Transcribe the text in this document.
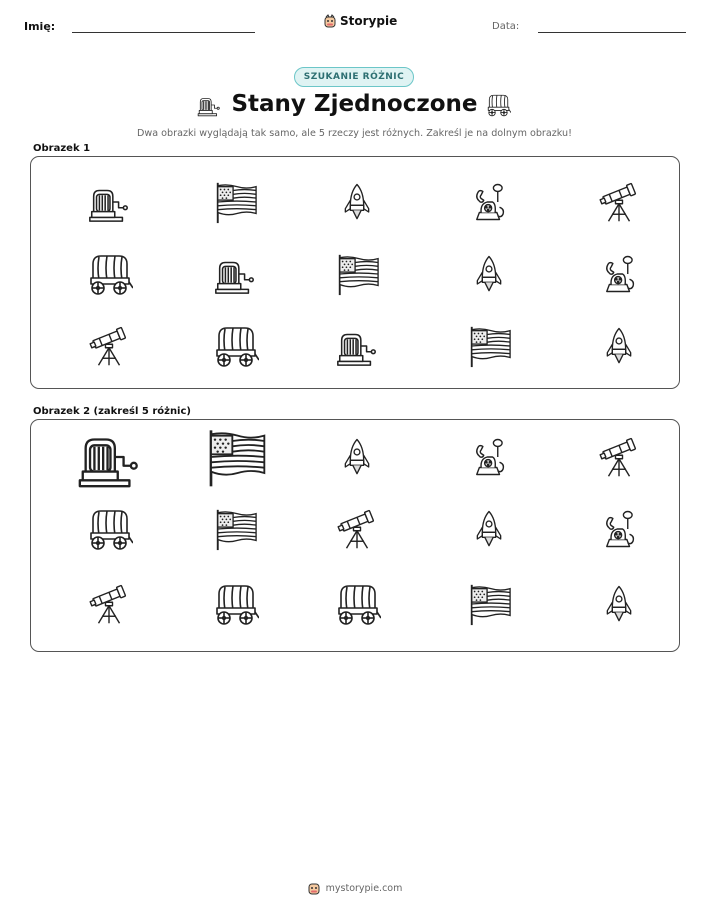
Imię:	Storypie	Data:
SZUKANIE RÓŻNIC
Stany Zjednoczone
Dwa obrazki wyglądają tak samo, ale 5 rzeczy jest różnych. Zakreśl je na dolnym obrazku!
Obrazek 1
Obrazek 2 (zakreśl 5 różnic)
mystorypie.com
